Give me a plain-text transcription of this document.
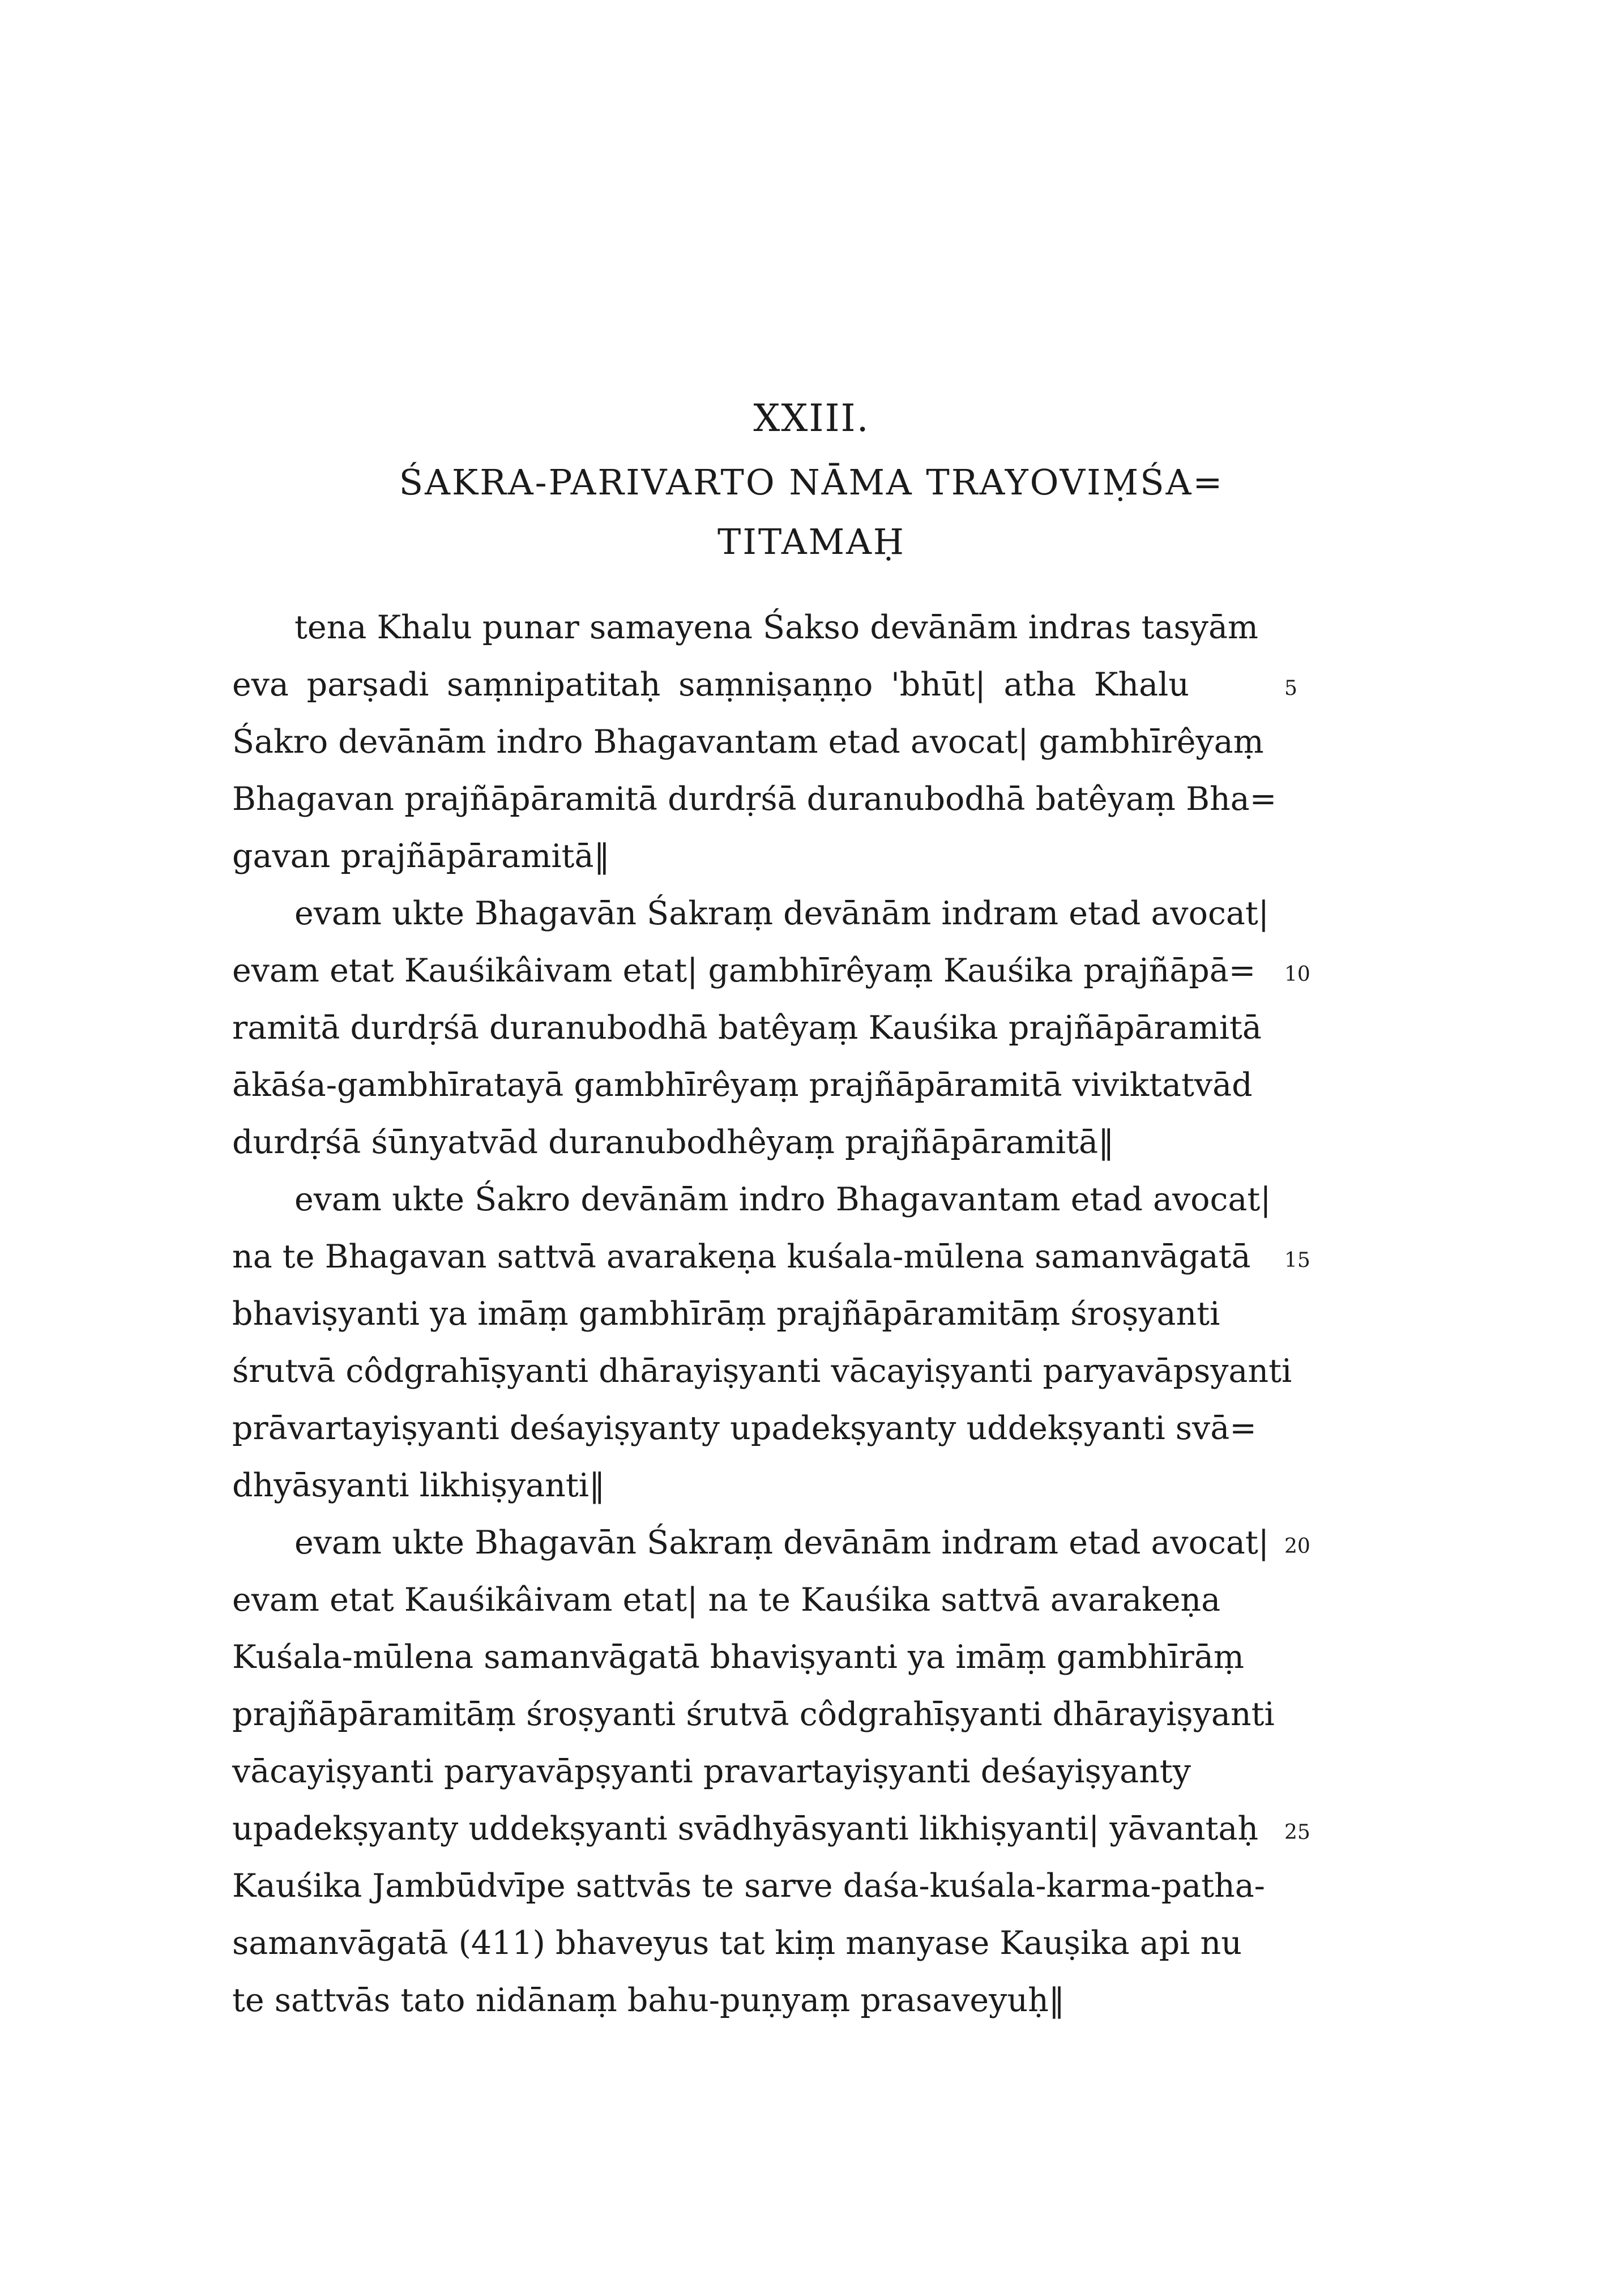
XXIII.
ŚAKRA-PARIVARTO NĀMA TRAYOVIṂŚA=
TITAMAḤ
tena Khalu punar samayena Śakso devānām indras tasyām
eva parṣadi saṃnipatitaḥ saṃniṣaṇṇo 'bhūt| atha Khalu
Śakro devānām indro Bhagavantam etad avocat| gambhīrêyaṃ
Bhagavan prajñāpāramitā durdṛśā duranubodhā batêyaṃ Bha=
gavan prajñāpāramitā‖
evam ukte Bhagavān Śakraṃ devānām indram etad avocat|
evam etat Kauśikâivam etat| gambhīrêyaṃ Kauśika prajñāpā=
ramitā durdṛśā duranubodhā batêyaṃ Kauśika prajñāpāramitā
ākāśa-gambhīratayā gambhīrêyaṃ prajñāpāramitā viviktatvād
durdṛśā śūnyatvād duranubodhêyaṃ prajñāpāramitā‖
evam ukte Śakro devānām indro Bhagavantam etad avocat|
na te Bhagavan sattvā avarakeṇa kuśala-mūlena samanvāgatā
bhaviṣyanti ya imāṃ gambhīrāṃ prajñāpāramitāṃ śroṣyanti
śrutvā côdgrahīṣyanti dhārayiṣyanti vācayiṣyanti paryavāpsyanti
prāvartayiṣyanti deśayiṣyanty upadekṣyanty uddekṣyanti svā=
dhyāsyanti likhiṣyanti‖
evam ukte Bhagavān Śakraṃ devānām indram etad avocat|
evam etat Kauśikâivam etat| na te Kauśika sattvā avarakeṇa
Kuśala-mūlena samanvāgatā bhaviṣyanti ya imāṃ gambhīrāṃ
prajñāpāramitāṃ śroṣyanti śrutvā côdgrahīṣyanti dhārayiṣyanti
vācayiṣyanti paryavāpṣyanti pravartayiṣyanti deśayiṣyanty
upadekṣyanty uddekṣyanti svādhyāsyanti likhiṣyanti| yāvantaḥ
Kauśika Jambūdvīpe sattvās te sarve daśa-kuśala-karma-patha-
samanvāgatā (411) bhaveyus tat kiṃ manyase Kauṣika api nu
te sattvās tato nidānaṃ bahu-puṇyaṃ prasaveyuḥ‖
5
10
15
20
25
